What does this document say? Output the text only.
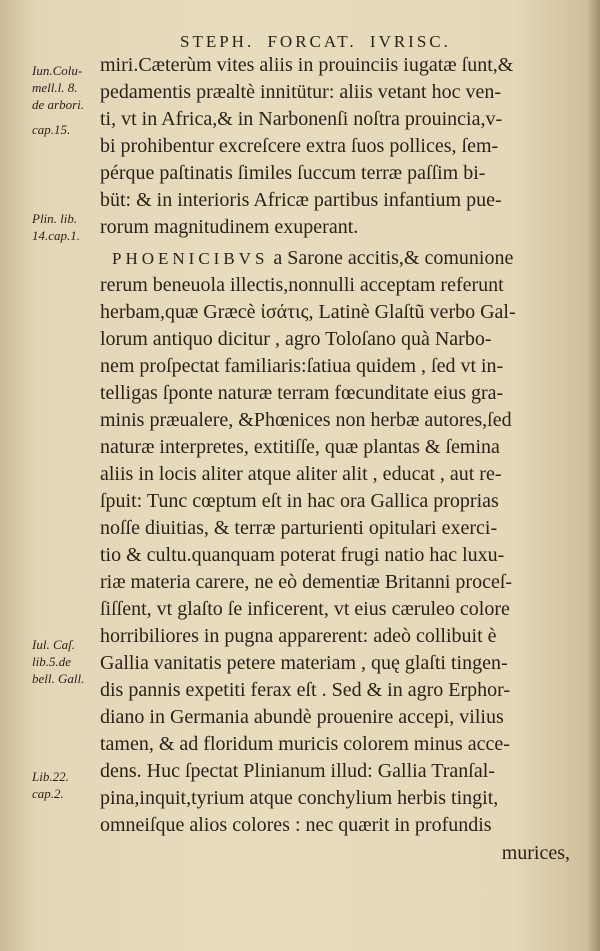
STEPH. FORCAT. IVRISC.
Iun.Colu-
mell.l. 8.
de arbori.
cap.15.
Plin. lib.
14.cap.1.
Iul. Caſ.
lib.5.de
bell. Gall.
Lib.22.
cap.2.
miri.Cæterùm vites aliis in prouinciis iugatæ ſunt,&
pedamentis præaltè innitütur: aliis vetant hoc ven-
ti, vt in Africa,& in Narbonenſi noſtra prouincia,v-
bi prohibentur excreſcere extra ſuos pollices, ſem-
pérque paſtinatis ſimiles ſuccum terræ paſſim bi-
büt: & in interioris Africæ partibus infantium pue-
rorum magnitudinem exuperant.
PHOENICIBVS a Sarone accitis,& comunione
rerum beneuola illectis,nonnulli acceptam referunt
herbam,quæ Græcè ἰσάτις, Latinè Glaſtũ verbo Gal-
lorum antiquo dicitur , agro Toloſano quà Narbo-
nem proſpectat familiaris:ſatiua quidem , ſed vt in-
telligas ſponte naturæ terram fœcunditate eius gra-
minis præualere, &Phœnices non herbæ autores,ſed
naturæ interpretes, extitiſſe, quæ plantas & ſemina
aliis in locis aliter atque aliter alit , educat , aut re-
ſpuit: Tunc cœptum eſt in hac ora Gallica proprias
noſſe diuitias, & terræ parturienti opitulari exerci-
tio & cultu.quanquam poterat frugi natio hac luxu-
riæ materia carere, ne eò dementiæ Britanni proceſ-
ſiſſent, vt glaſto ſe inficerent, vt eius cæruleo colore
horribiliores in pugna apparerent: adeò collibuit è
Gallia vanitatis petere materiam , quę glaſti tingen-
dis pannis expetiti ferax eſt . Sed & in agro Erphor-
diano in Germania abundè prouenire accepi, vilius
tamen, & ad floridum muricis colorem minus acce-
dens. Huc ſpectat Plinianum illud: Gallia Tranſal-
pina,inquit,tyrium atque conchylium herbis tingit,
omneiſque alios colores : nec quærit in profundis
murices,
